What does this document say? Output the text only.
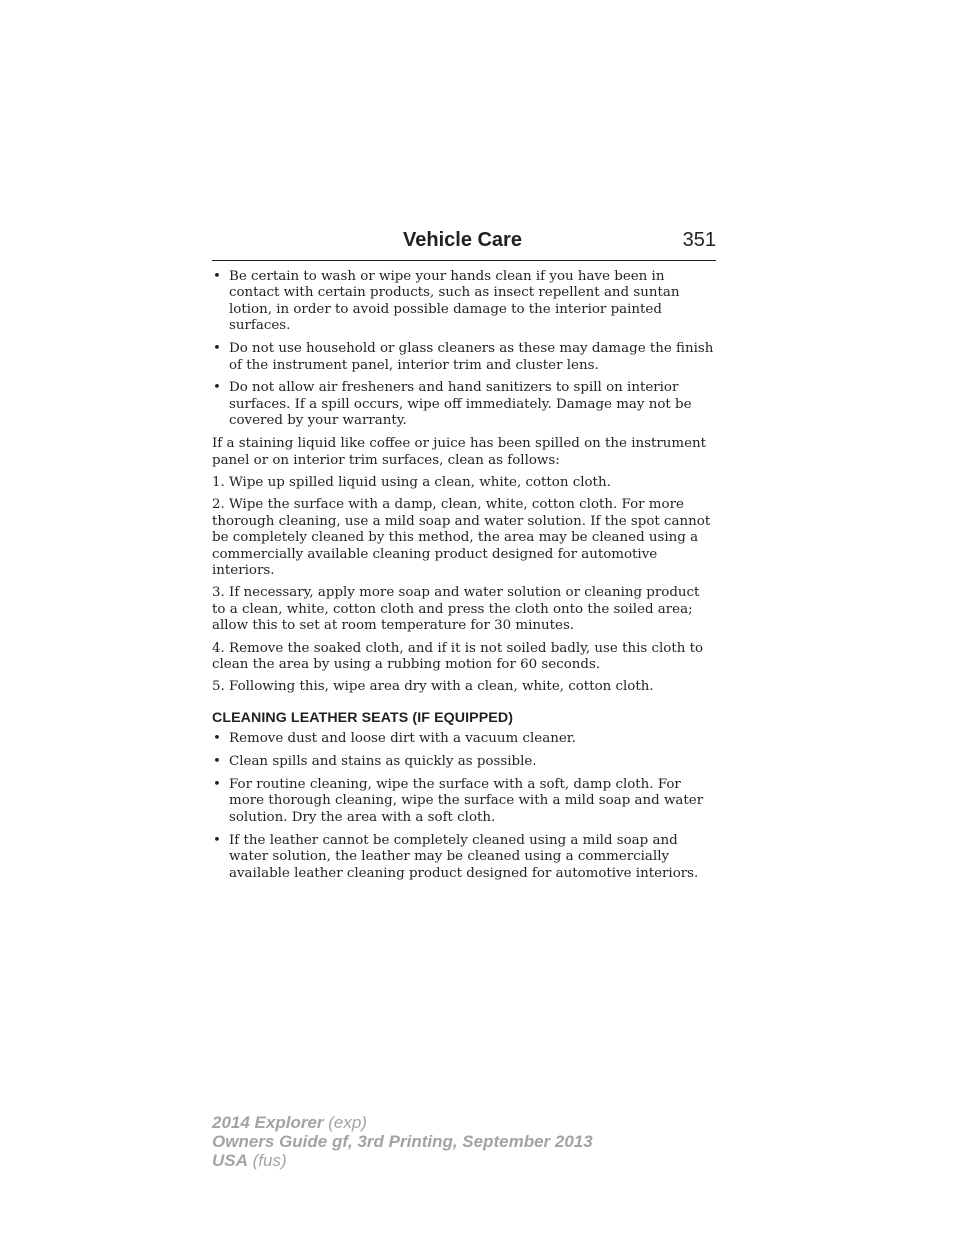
Vehicle Care	351
• Be certain to wash or wipe your hands clean if you have been in contact with certain products, such as insect repellent and suntan lotion, in order to avoid possible damage to the interior painted surfaces.
• Do not use household or glass cleaners as these may damage the finish of the instrument panel, interior trim and cluster lens.
• Do not allow air fresheners and hand sanitizers to spill on interior surfaces. If a spill occurs, wipe off immediately. Damage may not be covered by your warranty.

If a staining liquid like coffee or juice has been spilled on the instrument panel or on interior trim surfaces, clean as follows:

1. Wipe up spilled liquid using a clean, white, cotton cloth.

2. Wipe the surface with a damp, clean, white, cotton cloth. For more thorough cleaning, use a mild soap and water solution. If the spot cannot be completely cleaned by this method, the area may be cleaned using a commercially available cleaning product designed for automotive interiors.

3. If necessary, apply more soap and water solution or cleaning product to a clean, white, cotton cloth and press the cloth onto the soiled area; allow this to set at room temperature for 30 minutes.

4. Remove the soaked cloth, and if it is not soiled badly, use this cloth to clean the area by using a rubbing motion for 60 seconds.

5. Following this, wipe area dry with a clean, white, cotton cloth.

CLEANING LEATHER SEATS (IF EQUIPPED)
• Remove dust and loose dirt with a vacuum cleaner.
• Clean spills and stains as quickly as possible.
• For routine cleaning, wipe the surface with a soft, damp cloth. For more thorough cleaning, wipe the surface with a mild soap and water solution. Dry the area with a soft cloth.
• If the leather cannot be completely cleaned using a mild soap and water solution, the leather may be cleaned using a commercially available leather cleaning product designed for automotive interiors.
2014 Explorer (exp)
Owners Guide gf, 3rd Printing, September 2013
USA (fus)
